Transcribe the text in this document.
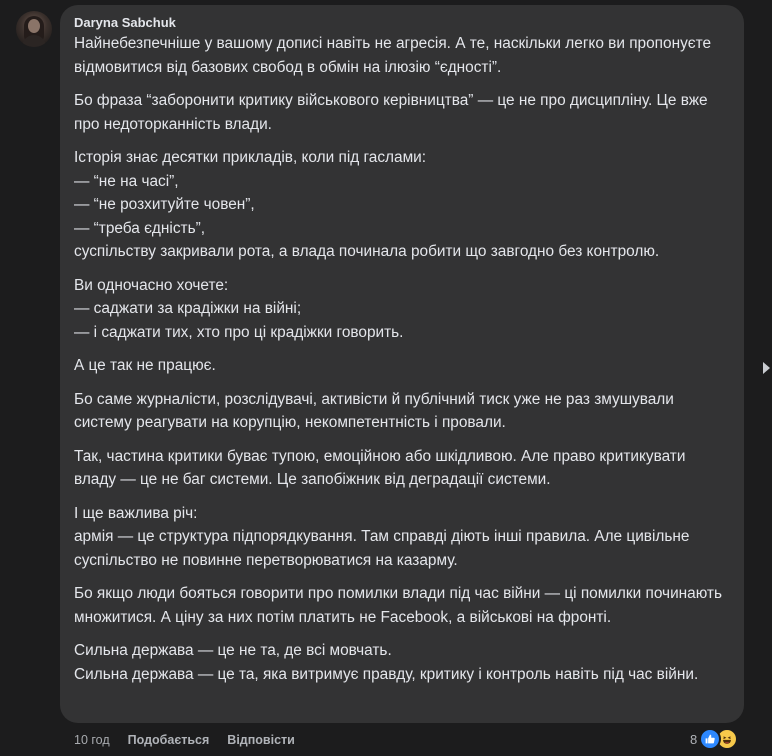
Daryna Sabchuk
Найнебезпечніше у вашому дописі навіть не агресія. А те, наскільки легко ви пропонуєте відмовитися від базових свобод в обмін на ілюзію “єдності”.
Бо фраза “заборонити критику військового керівництва” — це не про дисципліну. Це вже про недоторканність влади.
Історія знає десятки прикладів, коли під гаслами:
— “не на часі”,
— “не розхитуйте човен”,
— “треба єдність”,
суспільству закривали рота, а влада починала робити що завгодно без контролю.
Ви одночасно хочете:
— саджати за крадіжки на війні;
— і саджати тих, хто про ці крадіжки говорить.
А це так не працює.
Бо саме журналісти, розслідувачі, активісти й публічний тиск уже не раз змушували систему реагувати на корупцію, некомпетентність і провали.
Так, частина критики буває тупою, емоційною або шкідливою. Але право критикувати владу — це не баг системи. Це запобіжник від деградації системи.
І ще важлива річ:
армія — це структура підпорядкування. Там справді діють інші правила. Але цивільне суспільство не повинне перетворюватися на казарму.
Бо якщо люди бояться говорити про помилки влади під час війни — ці помилки починають множитися. А ціну за них потім платить не Facebook, а військові на фронті.
Сильна держава — це не та, де всі мовчать.
Сильна держава — це та, яка витримує правду, критику і контроль навіть під час війни.
10 год Подобається Відповісти	8
